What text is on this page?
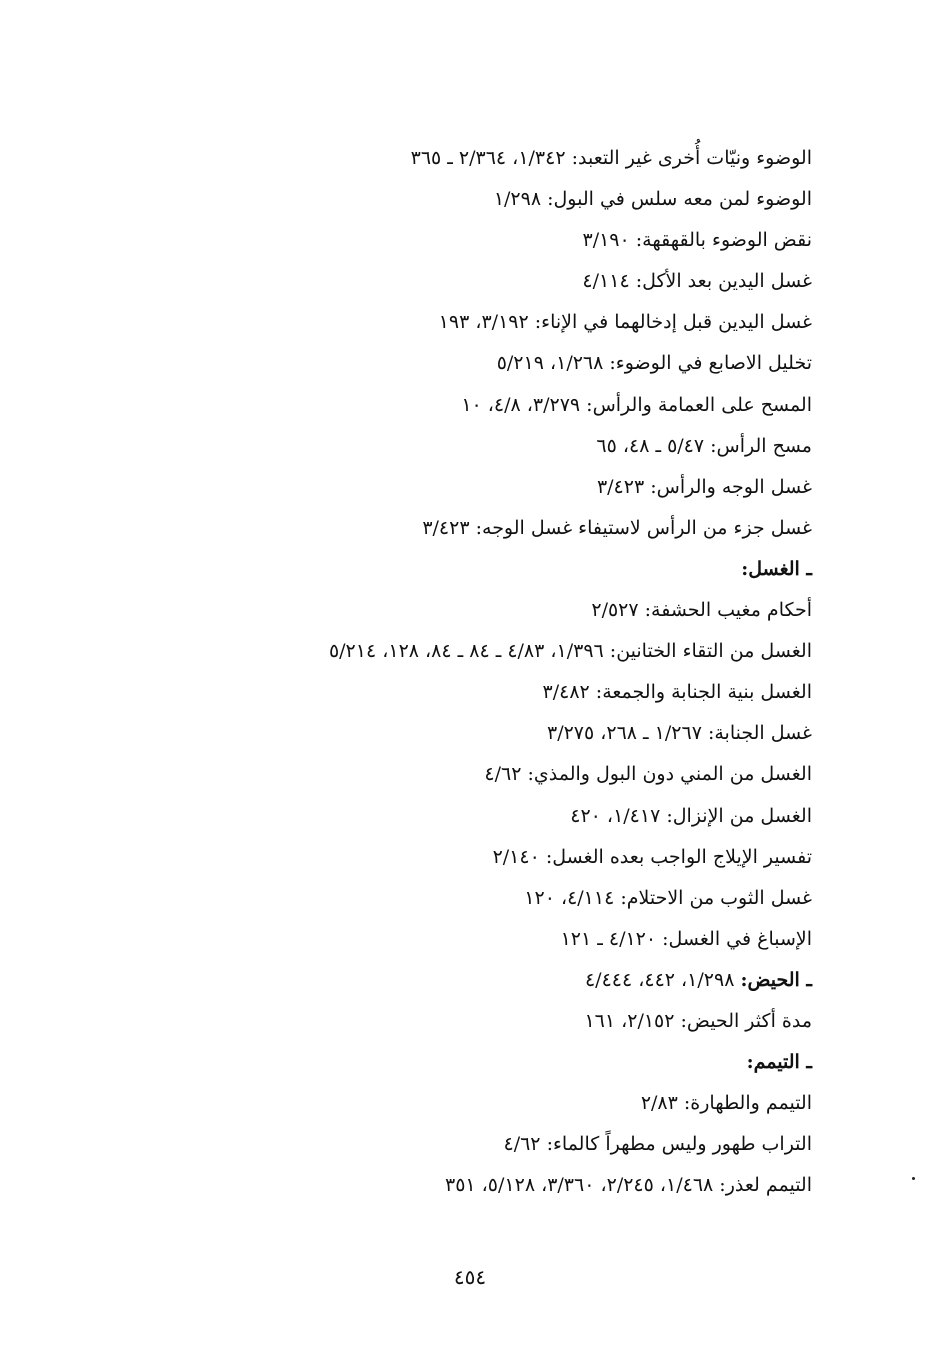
الوضوء ونيّات أُخرى غير التعبد: ١/٣٤٢، ٢/٣٦٤ ـ ٣٦٥
الوضوء لمن معه سلس في البول: ١/٢٩٨
نقض الوضوء بالقهقهة: ٣/١٩٠
غسل اليدين بعد الأكل: ٤/١١٤
غسل اليدين قبل إدخالهما في الإناء: ٣/١٩٢، ١٩٣
تخليل الاصابع في الوضوء: ١/٢٦٨، ٥/٢١٩
المسح على العمامة والرأس: ٣/٢٧٩، ٤/٨، ١٠
مسح الرأس: ٥/٤٧ ـ ٤٨، ٦٥
غسل الوجه والرأس: ٣/٤٢٣
غسل جزء من الرأس لاستيفاء غسل الوجه: ٣/٤٢٣
ـ الغسل:
أحكام مغيب الحشفة: ٢/٥٢٧
الغسل من التقاء الختانين: ١/٣٩٦، ٤/٨٣ ـ ٨٤ ـ ٨٤، ١٢٨، ٥/٢١٤
الغسل بنية الجنابة والجمعة: ٣/٤٨٢
غسل الجنابة: ١/٢٦٧ ـ ٢٦٨، ٣/٢٧٥
الغسل من المني دون البول والمذي: ٤/٦٢
الغسل من الإنزال: ١/٤١٧، ٤٢٠
تفسير الإيلاج الواجب بعده الغسل: ٢/١٤٠
غسل الثوب من الاحتلام: ٤/١١٤، ١٢٠
الإسباغ في الغسل: ٤/١٢٠ ـ ١٢١
ـ الحيض: ١/٢٩٨، ٤٤٢، ٤/٤٤٤
مدة أكثر الحيض: ٢/١٥٢، ١٦١
ـ التيمم:
التيمم والطهارة: ٢/٨٣
التراب طهور وليس مطهراً كالماء: ٤/٦٢
التيمم لعذر: ١/٤٦٨، ٢/٢٤٥، ٣/٣٦٠، ٥/١٢٨، ٣٥١
٤٥٤
